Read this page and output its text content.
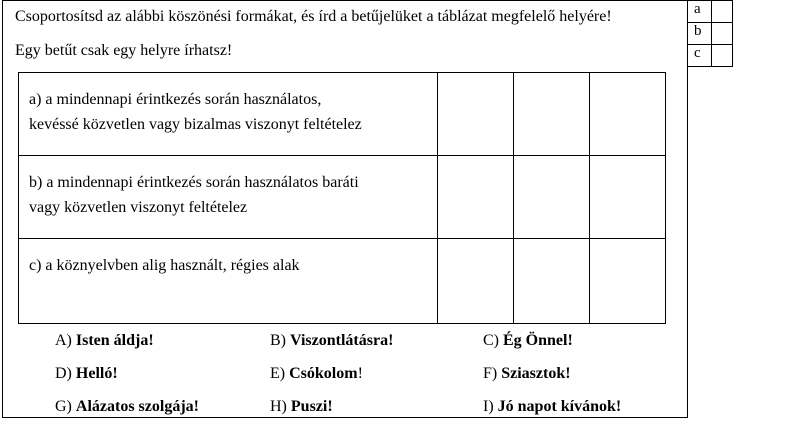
Csoportosítsd az alábbi köszönési formákat, és írd a betűjelüket a táblázat megfelelő helyére!
Egy betűt csak egy helyre írhatsz!
a) a mindennapi érintkezés során használatos,
kevéssé közvetlen vagy bizalmas viszonyt feltételez			

b) a mindennapi érintkezés során használatos baráti
vagy közvetlen viszonyt feltételez			

c) a köznyelvben alig használt, régies alak			

A) Isten áldja!	B) Viszontlátásra!	C) Ég Önnel!
D) Helló!	E) Csókolom!	F) Sziasztok!
G) Alázatos szolgája!	H) Puszi!	I) Jó napot kívánok!
a	
b	
c	
